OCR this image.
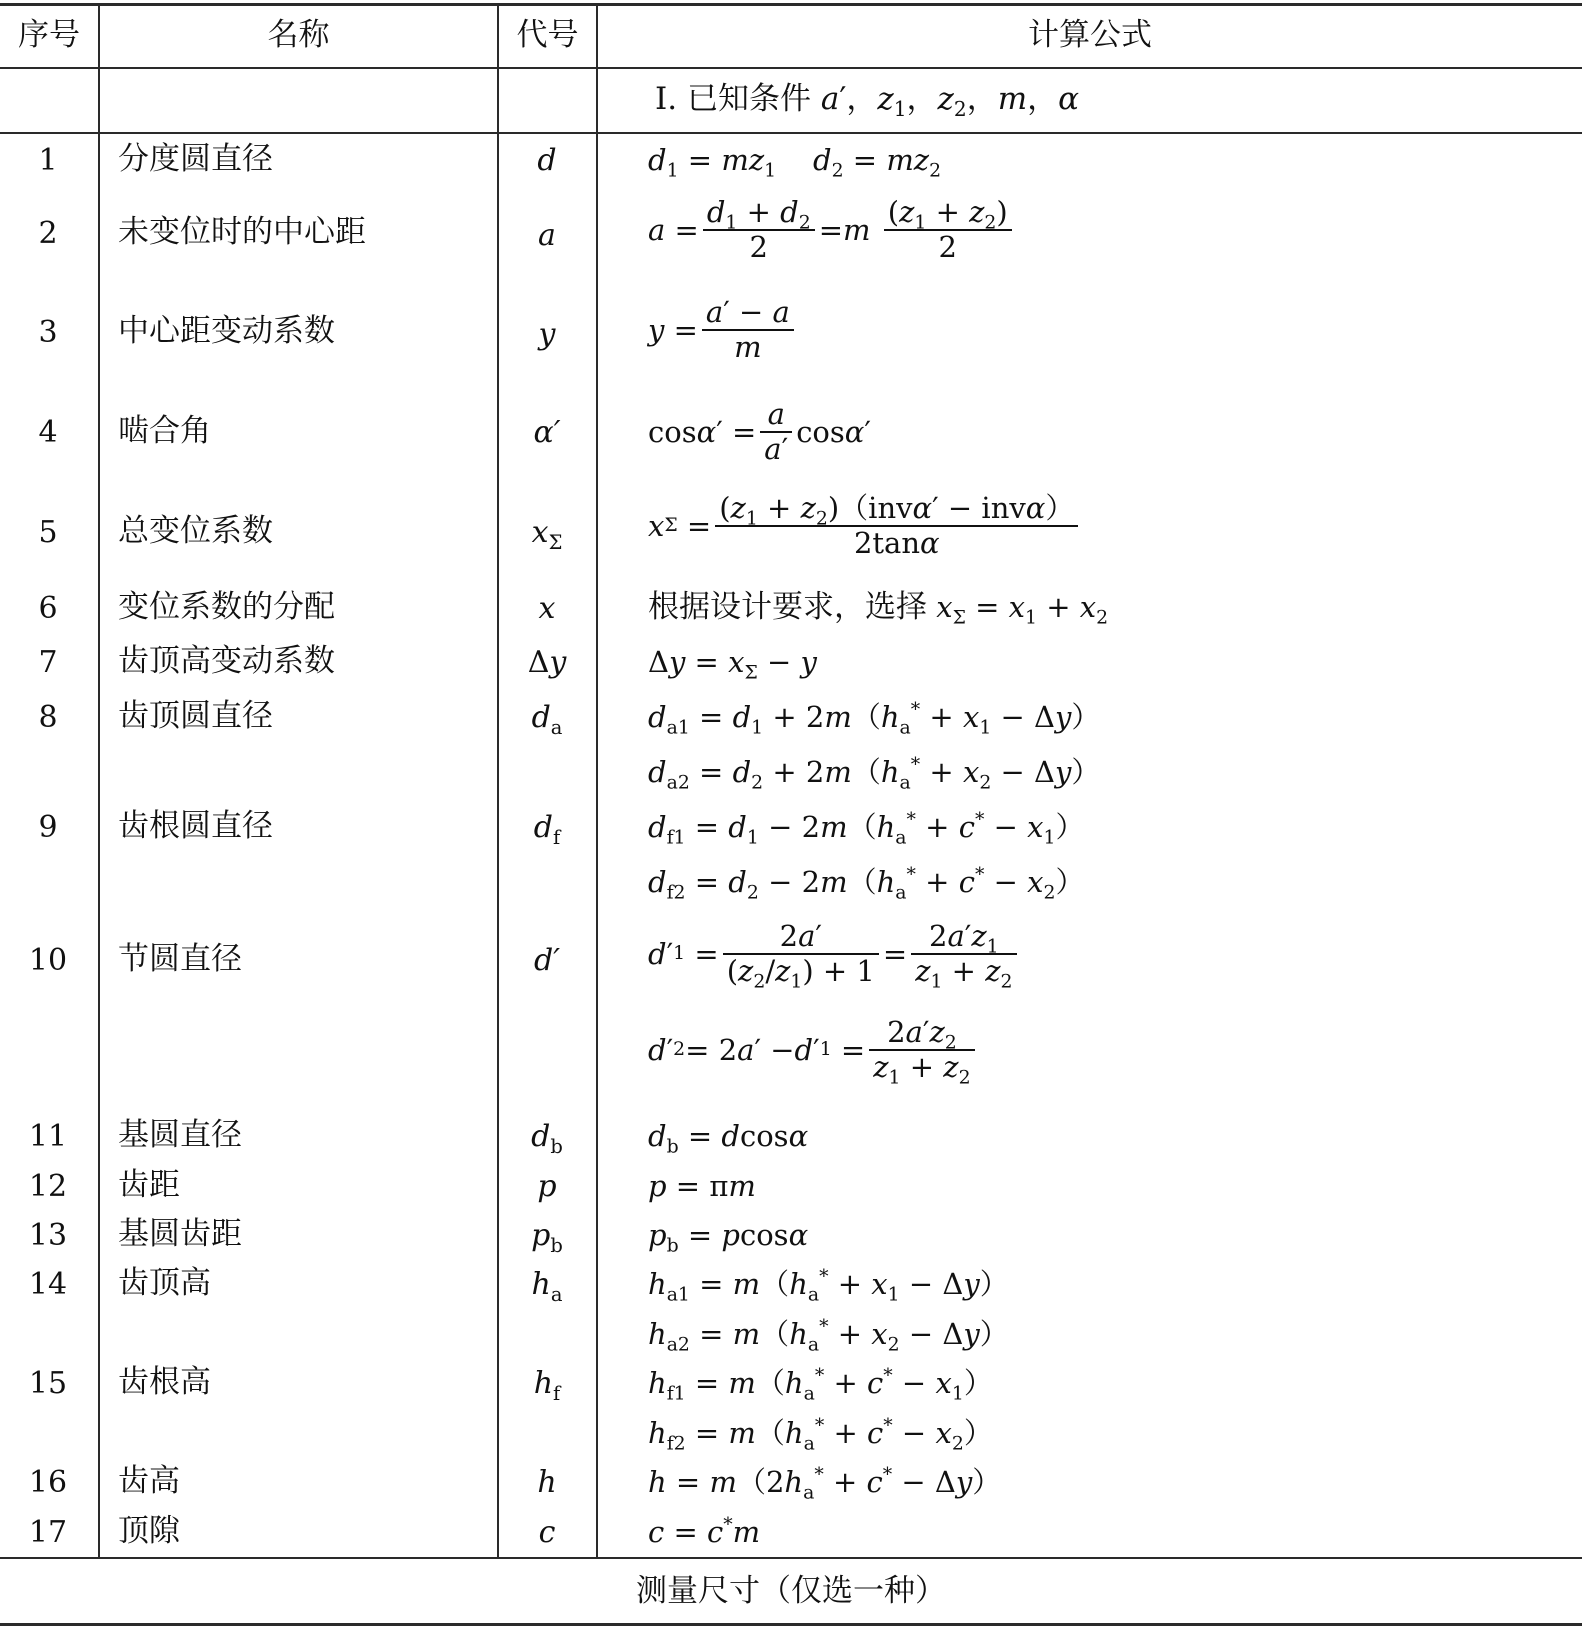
序号	名称	代号	计算公式
Ⅰ. 已知条件 a′，$z_1$，$z_2$，m，α
1	分度圆直径	d	$d_1 = mz_1$ $d_2 = mz_2$
2	未变位时的中心距	a	$a = \frac{d_1 + d_2}{2} = m$
$\frac{(z_1 + z_2)}{2}$
3	中心距变动系数	y	$y = \frac{a' - a}{m}$
4	啮合角	α′	cos α ′ = $\frac{a}{a'}$ cos α ′
5	总变位系数	$x_\Sigma$	x $\Sigma = \frac{(z_1 + z_2)(inv\alpha' - inv\alpha)}{2\tan\alpha}$
6	变位系数的分配	x	根据设计要求，选择 $x_\Sigma = x_1 + x_2$
7	齿顶高变动系数	Δy	$\Delta y = x_\Sigma - y$
8	齿顶圆直径	$d_a$	$d_{a1} = d_1 + 2m(h_a^* + x_1 - \Delta y)$
$d_{a2} = d_2 + 2m(h_a^* + x_2 - \Delta y)$
9	齿根圆直径	$d_f$	$d_{f1} = d_1 - 2m(h_a^* + c^* - x_1)$
$d_{f2} = d_2 - 2m(h_a^* + c^* - x_2)$
10	节圆直径	d′	d ′ $1 = \frac{2a'}{(z_2/z_1) + 1} = \frac{2a'z_1}{z_1 + z_2}$
d ′ 2 = 2 a ′ − d ′ $1 = \frac{2a'z_2}{z_1 + z_2}$
11	基圆直径	$d_b$	$d_b = dcos\alpha$
12	齿距	p	p = πm
13	基圆齿距	$p_b$	$p_b = pcos\alpha$
14	齿顶高	$h_a$	$h_{a1} = m(h_a^* + x_1 - \Delta y)$
$h_{a2} = m(h_a^* + x_2 - \Delta y)$
15	齿根高	$h_f$	$h_{f1} = m(h_a^* + c^* - x_1)$
$h_{f2} = m(h_a^* + c^* - x_2)$
16	齿高	h	$h = m(2h_a^* + c^* - \Delta y)$
17	顶隙	c	c = c*m
测量尺寸（仅选一种）
